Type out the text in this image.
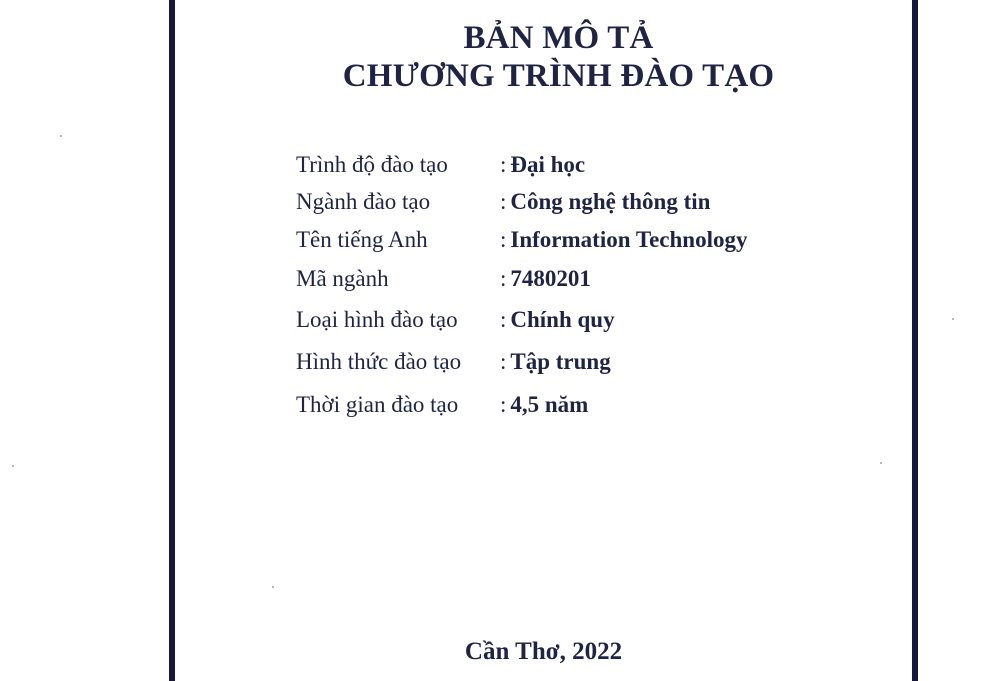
BẢN MÔ TẢ
CHƯƠNG TRÌNH ĐÀO TẠO
Trình độ đào tạo : Đại học
Ngành đào tạo	: Công nghệ thông tin
Tên tiếng Anh	: Information Technology
Mã ngành	: 7480201
Loại hình đào tạo : Chính quy
Hình thức đào tạo : Tập trung
Thời gian đào tạo : 4,5 năm
Cần Thơ, 2022
